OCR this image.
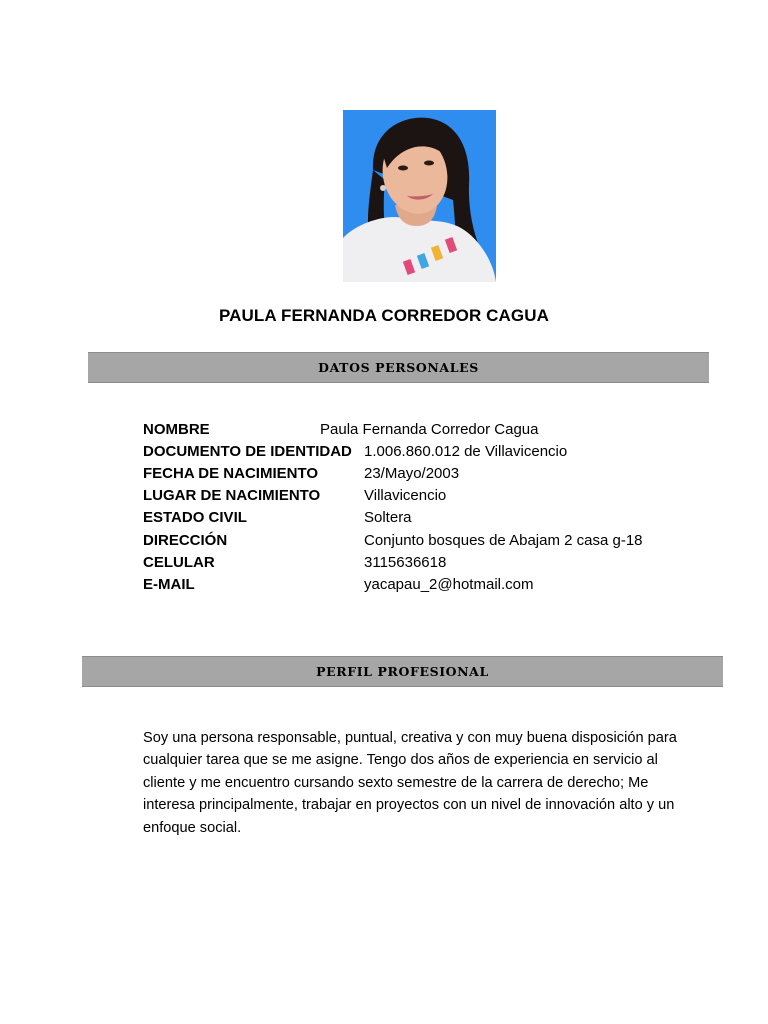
PAULA FERNANDA CORREDOR CAGUA
DATOS PERSONALES
NOMBRE	Paula Fernanda Corredor Cagua
DOCUMENTO DE IDENTIDAD 1.006.860.012 de Villavicencio
FECHA DE NACIMIENTO	23/Mayo/2003
LUGAR DE NACIMIENTO	Villavicencio
ESTADO CIVIL	Soltera
DIRECCIÓN	Conjunto bosques de Abajam 2 casa g-18
CELULAR	3115636618
E-MAIL	yacapau_2@hotmail.com
PERFIL PROFESIONAL
Soy una persona responsable, puntual, creativa y con muy buena disposición para cualquier tarea que se me asigne. Tengo dos años de experiencia en servicio al cliente y me encuentro cursando sexto semestre de la carrera de derecho; Me interesa principalmente, trabajar en proyectos con un nivel de innovación alto y un enfoque social.
